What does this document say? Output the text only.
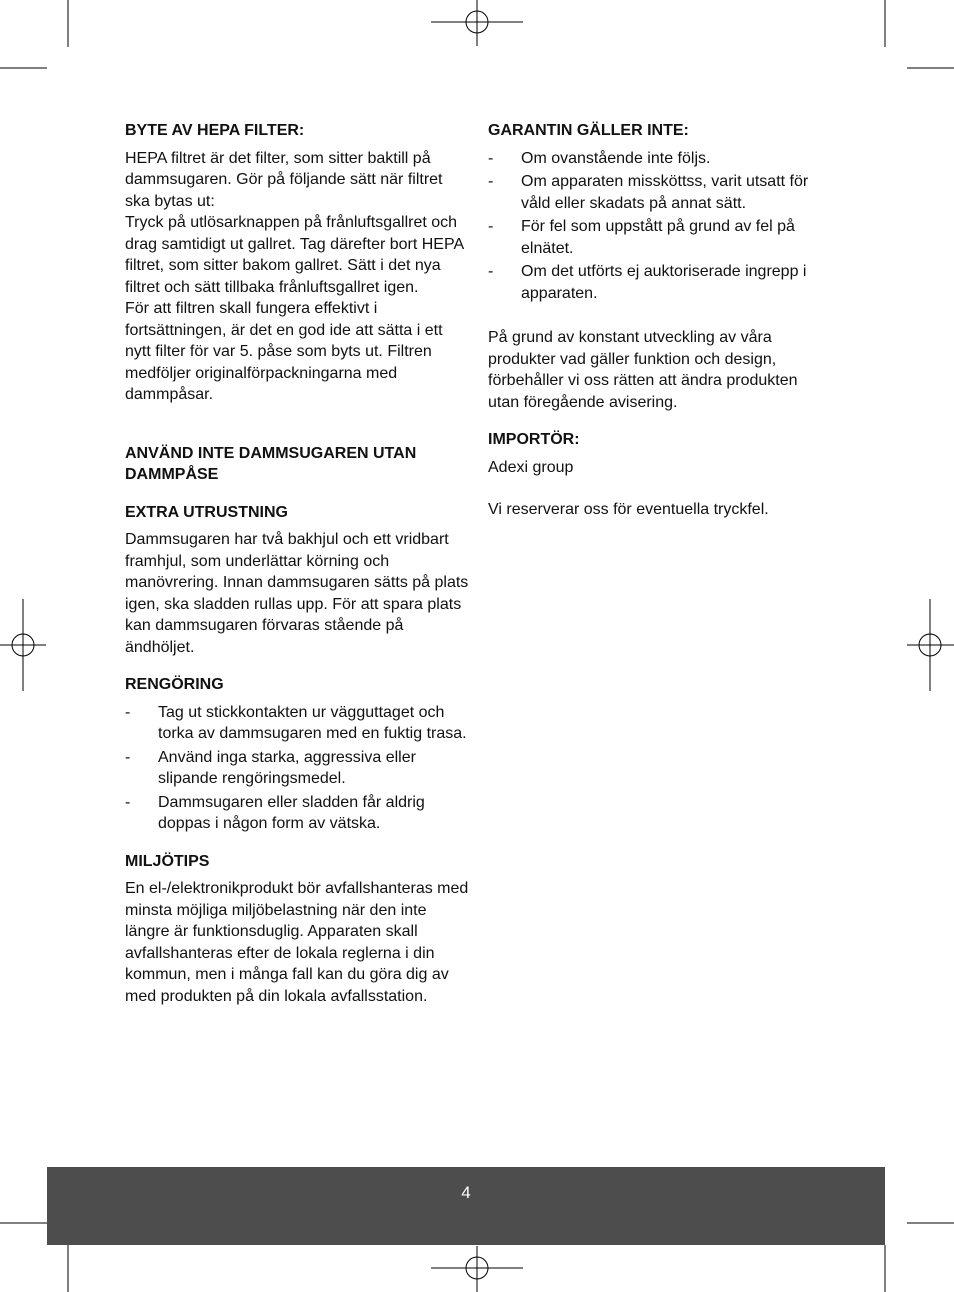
BYTE AV HEPA FILTER:

HEPA filtret är det filter, som sitter baktill på dammsugaren. Gör på följande sätt när filtret ska bytas ut:

Tryck på utlösarknappen på frånluftsgallret och drag samtidigt ut gallret. Tag därefter bort HEPA filtret, som sitter bakom gallret. Sätt i det nya filtret och sätt tillbaka frånluftsgallret igen.

För att filtren skall fungera effektivt i fortsättningen, är det en god ide att sätta i ett nytt filter för var 5. påse som byts ut. Filtren medföljer originalförpackningarna med dammpåsar.

ANVÄND INTE DAMMSUGAREN UTAN DAMMPÅSE

EXTRA UTRUSTNING

Dammsugaren har två bakhjul och ett vridbart framhjul, som underlättar körning och manövrering. Innan dammsugaren sätts på plats igen, ska sladden rullas upp. För att spara plats kan dammsugaren förvaras stående på ändhöljet.

RENGÖRING
- Tag ut stickkontakten ur vägguttaget och torka av dammsugaren med en fuktig trasa.
- Använd inga starka, aggressiva eller slipande rengöringsmedel.
- Dammsugaren eller sladden får aldrig doppas i någon form av vätska.
MILJÖTIPS

En el-/elektronikprodukt bör avfallshanteras med minsta möjliga miljöbelastning när den inte längre är funktionsduglig. Apparaten skall avfallshanteras efter de lokala reglerna i din kommun, men i många fall kan du göra dig av med produkten på din lokala avfallsstation.

GARANTIN GÄLLER INTE:
- Om ovanstående inte följs.
- Om apparaten missköttss, varit utsatt för våld eller skadats på annat sätt.
- För fel som uppstått på grund av fel på elnätet.
- Om det utförts ej auktoriserade ingrepp i apparaten.

På grund av konstant utveckling av våra produkter vad gäller funktion och design, förbehåller vi oss rätten att ändra produkten utan föregående avisering.

IMPORTÖR:

Adexi group

Vi reserverar oss för eventuella tryckfel.

4
